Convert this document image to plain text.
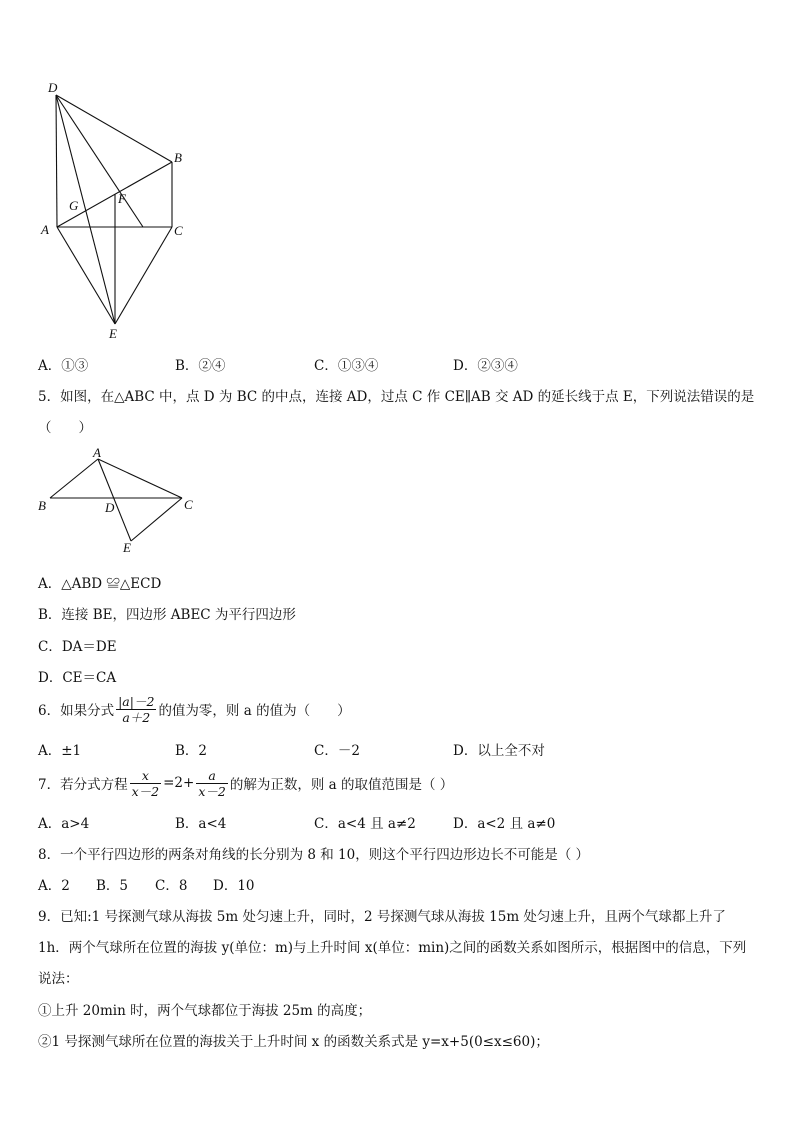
D
B
G	F
A	C
E
A．①③	B．②④	C．①③④	D．②③④
5．如图，在△ABC 中，点 D 为 BC 的中点，连接 AD，过点 C 作 CE∥AB 交 AD 的延长线于点 E，下列说法错误的是
（　　）
A
B	D	C
E
A．△ABD ≌△ECD
B．连接 BE，四边形 ABEC 为平行四边形
C．DA＝DE
D．CE＝CA
6．如果分式 $\frac{|a|-2}{a+2}$ 的值为零，则 a 的值为（　　）
A．±1	B．2	C．－2	D．以上全不对
7．若分式方程 $\frac{x}{x-2} =2+ \frac{a}{x-2}$ 的解为正数，则 a 的取值范围是（ ）
A．a>4	B．a<4	C．a<4 且 a≠2	D．a<2 且 a≠0
8．一个平行四边形的两条对角线的长分别为 8 和 10，则这个平行四边形边长不可能是（ ）
A．2 B．5 C．8 D．10
9．已知:1 号探测气球从海拔 5m 处匀速上升，同时，2 号探测气球从海拔 15m 处匀速上升，且两个气球都上升了
1h．两个气球所在位置的海拔 y(单位：m)与上升时间 x(单位：min)之间的函数关系如图所示，根据图中的信息，下列
说法：
①上升 20min 时，两个气球都位于海拔 25m 的高度；
②1 号探测气球所在位置的海拔关于上升时间 x 的函数关系式是 y=x+5(0≤x≤60)；
